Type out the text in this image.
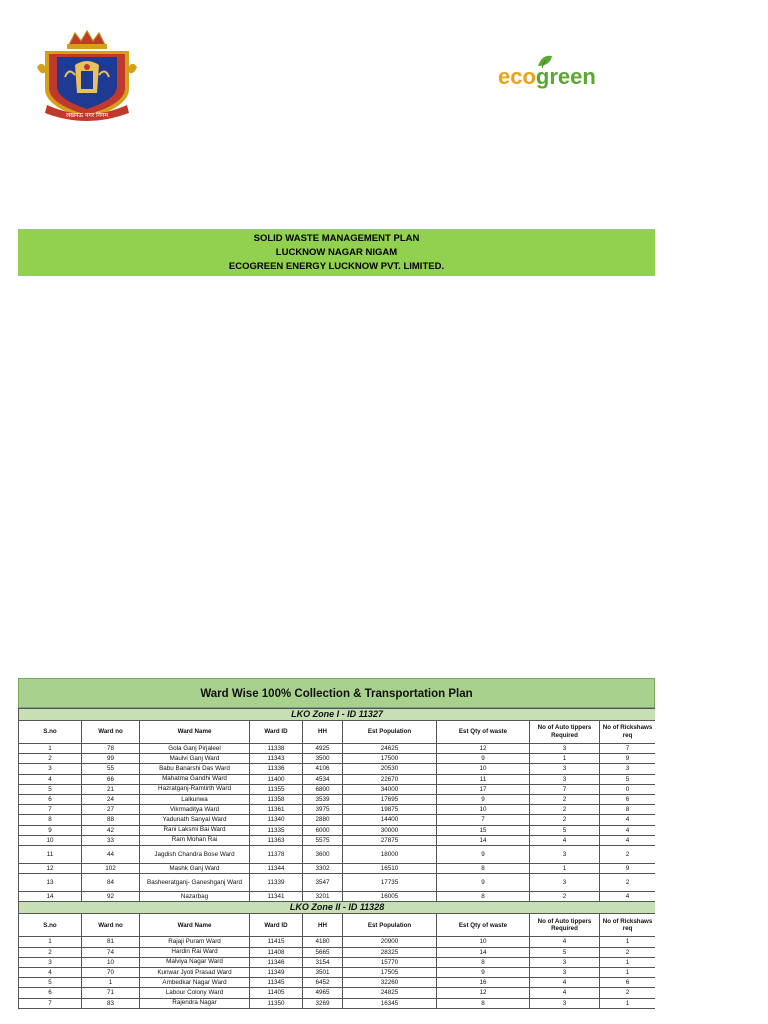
लखनऊ नगर निगम
ecogreen
SOLID WASTE MANAGEMENT PLAN
LUCKNOW NAGAR NIGAM
ECOGREEN ENERGY LUCKNOW PVT. LIMITED.
Ward Wise 100% Collection & Transportation Plan
LKO Zone I - ID 11327								
S.no	Ward no	Ward Name	Ward ID	HH	Est Population	Est Qty of waste	No of Auto tippers Required	No of Rickshaws req
1	78	Gola Ganj Pirjaleel	11338	4925	24625	12	3	7
2	99	Maulvi Ganj Ward	11343	3500	17500	9	1	9
3	55	Babu Banarshi Das Ward	11336	4106	20530	10	3	3
4	66	Mahatma Gandhi Ward	11400	4534	22670	11	3	5
5	21	Hazratganj-Ramtirth Ward	11355	6800	34000	17	7	0
6	24	Lalkunwa	11358	3539	17695	9	2	6
7	27	Vikrmaditya Ward	11361	3975	19875	10	2	8
8	88	Yadunath Sanyal Ward	11340	2880	14400	7	2	4
9	42	Rani Laksmi Bai Ward	11335	6000	30000	15	5	4
10	33	Ram Mohan Rai	11363	5575	27875	14	4	4
11	44	Jagdish Chandra Bose Ward	11378	3600	18000	9	3	2
12	102	Mashk Ganj Ward	11344	3302	16510	8	1	9
13	84	Basheeratganj- Ganeshganj Ward	11339	3547	17735	9	3	2
14	92	Nazarbag	11341	3201	16005	8	2	4
LKO Zone II - ID 11328								
S.no	Ward no	Ward Name	Ward ID	HH	Est Population	Est Qty of waste	No of Auto tippers Required	No of Rickshaws req
1	81	Rajaji Puram Ward	11415	4180	20900	10	4	1
2	74	Hardin Rai Ward	11408	5665	28325	14	5	2
3	10	Malviya Nagar Ward	11346	3154	15770	8	3	1
4	70	Kunwar Jyoti Prasad Ward	11349	3501	17505	9	3	1
5	1	Ambedkar Nagar Ward	11345	6452	32260	16	4	6
6	71	Labour Colony Ward	11405	4965	24825	12	4	2
7	83	Rajendra Nagar	11350	3269	16345	8	3	1
